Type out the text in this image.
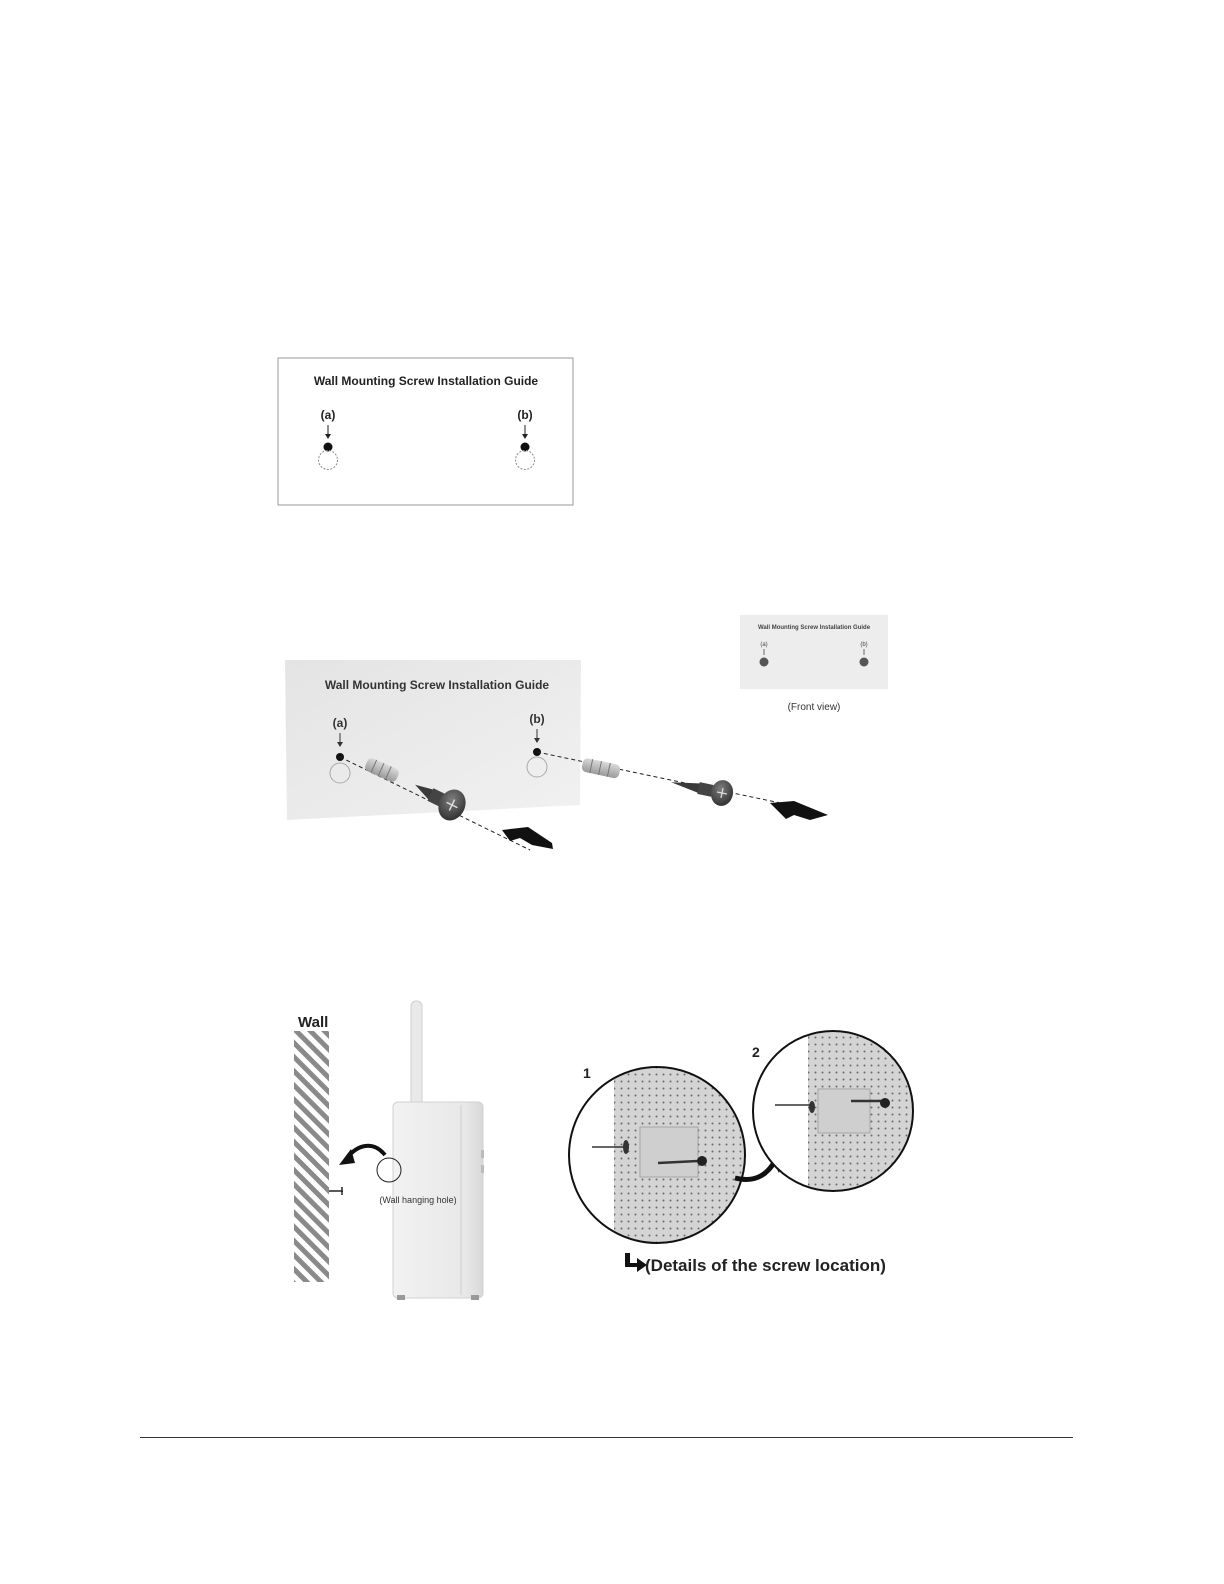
Wall Mounting Screw Installation Guide
(a)	(b)
Wall Mounting Screw Installation Guide
(a)	(b)
Wall Mounting Screw Installation Guide
(a)	(b)
(Front view)
Wall
(Wall hanging hole)
1
2
(Details of the screw location)
